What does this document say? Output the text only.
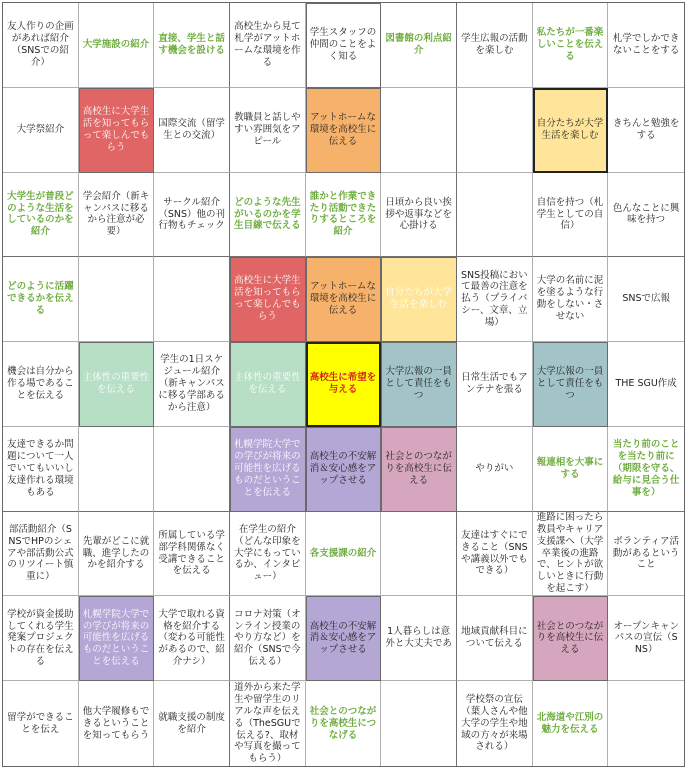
友人作りの企画があれば紹介（SNSでの紹介）
大学施設の紹介
直接、学生と話す機会を設ける
高校生から見て札学がアットホームな環境を作る
学生スタッフの仲間のことをよく知る
図書館の利点紹介
学生広報の活動を楽しむ
私たちが一番楽しいことを伝える
札学でしかできないことをする
大学祭紹介
高校生に大学生活を知ってもらって楽しんでもらう
国際交流（留学生との交流）
教職員と話しやすい雰囲気をアピール
アットホームな環境を高校生に伝える
自分たちが大学生活を楽しむ
きちんと勉強をする
大学生が普段どのような生活をしているのかを紹介
学会紹介（新キャンパスに移るから注意が必要）
サークル紹介（SNS）他の刊行物もチェック
どのような先生がいるのかを学生目線で伝える
誰かと作業できたり活動できたりするところを紹介
日頃から良い挨拶や返事などを心掛ける
自信を持つ（札学生としての自信）
色んなことに興味を持つ
どのように活躍できるかを伝える
高校生に大学生活を知ってもらって楽しんでもらう
アットホームな環境を高校生に伝える
自分たちが大学生活を楽しむ
SNS投稿において最善の注意を払う（プライバシー、文章、立場）
大学の名前に泥を塗るような行動をしない・させない
SNSで広報
機会は自分から作る場であることを伝える
主体性の重要性を伝える
学生の1日スケジュール紹介（新キャンパスに移る学部あるから注意）
主体性の重要性を伝える
高校生に希望を与える
大学広報の一員として責任をもつ
日常生活でもアンテナを張る
大学広報の一員として責任をもつ
THE SGU作成
友達できるか問題について一人でいてもいいし友達作れる環境もある
札幌学院大学での学びが将来の可能性を広げるものだということを伝える
高校生の不安解消＆安心感をアップさせる
社会とのつながりを高校生に伝える
やりがい
報連相を大事にする
当たり前のことを当たり前に（期限を守る、給与に見合う仕事を）
部活動紹介（SNSでHPのシェアや部活動公式のリツイート慎重に）
先輩がどこに就職、進学したのかを紹介する
所属している学部学科関係なく受講できることを伝える
在学生の紹介（どんな印象を大学にもっているか、インタビュー）
各支援課の紹介
友達はすぐにできること（SNSや講義以外でもできる）
進路に困ったら教員やキャリア支援課へ（大学卒業後の進路で、ヒントが欲しいときに行動を起こす）
ボランティア活動があるということ
学校が資金援助してくれる学生発案プロジェクトの存在を伝える
札幌学院大学での学びが将来の可能性を広げるものだということを伝える
大学で取れる資格を紹介する（変わる可能性があるので、紹介ナシ）
コロナ対策（オンライン授業のやり方など）を紹介（SNSで今伝える）
高校生の不安解消＆安心感をアップさせる
1人暮らしは意外と大丈夫であ
地域貢献科目について伝える
社会とのつながりを高校生に伝える
オープンキャンパスの宣伝（SNS）
留学ができることを伝え
他大学履修もできるということを知ってもらう
就職支援の制度を紹介
道外から来た学生や留学生のリアルな声を伝える（TheSGUで伝える?、取材や写真を撮ってもらう）
社会とのつながりを高校生につなげる
学校祭の宣伝（葉人さんや他大学の学生や地域の方々が来場される）
北海道や江別の魅力を伝える
